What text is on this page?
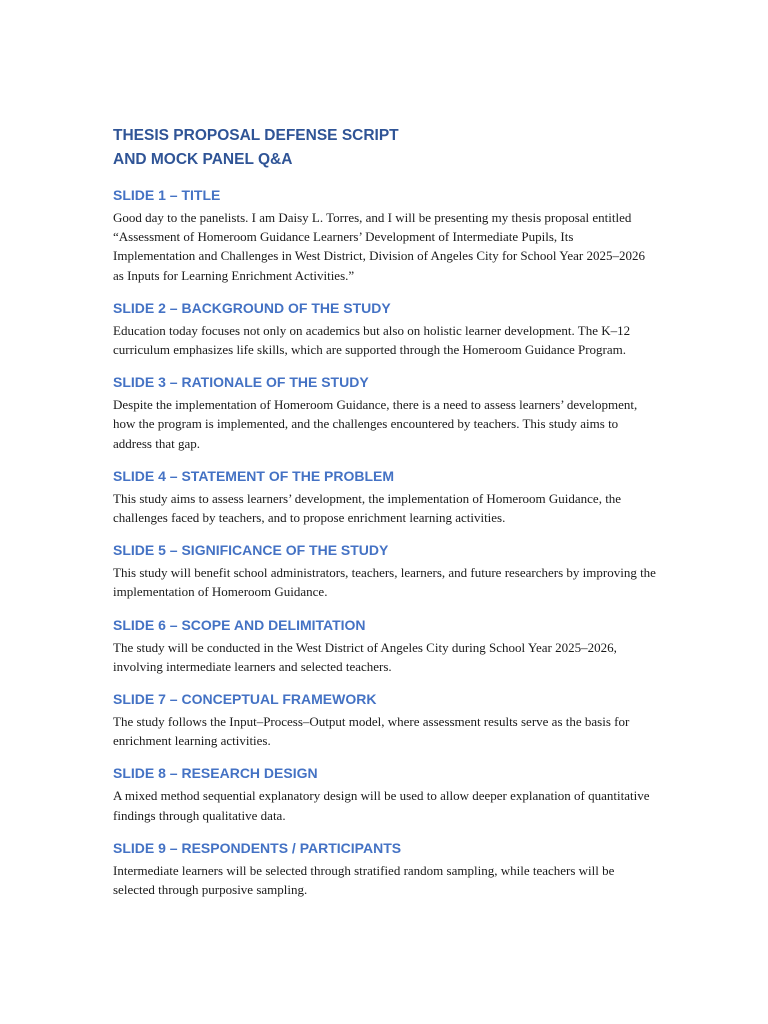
THESIS PROPOSAL DEFENSE SCRIPT
AND MOCK PANEL Q&A
SLIDE 1 – TITLE

Good day to the panelists. I am Daisy L. Torres, and I will be presenting my thesis proposal entitled “Assessment of Homeroom Guidance Learners’ Development of Intermediate Pupils, Its Implementation and Challenges in West District, Division of Angeles City for School Year 2025–2026 as Inputs for Learning Enrichment Activities.”

SLIDE 2 – BACKGROUND OF THE STUDY

Education today focuses not only on academics but also on holistic learner development. The K–12 curriculum emphasizes life skills, which are supported through the Homeroom Guidance Program.

SLIDE 3 – RATIONALE OF THE STUDY

Despite the implementation of Homeroom Guidance, there is a need to assess learners’ development, how the program is implemented, and the challenges encountered by teachers. This study aims to address that gap.

SLIDE 4 – STATEMENT OF THE PROBLEM

This study aims to assess learners’ development, the implementation of Homeroom Guidance, the challenges faced by teachers, and to propose enrichment learning activities.

SLIDE 5 – SIGNIFICANCE OF THE STUDY

This study will benefit school administrators, teachers, learners, and future researchers by improving the implementation of Homeroom Guidance.

SLIDE 6 – SCOPE AND DELIMITATION

The study will be conducted in the West District of Angeles City during School Year 2025–2026, involving intermediate learners and selected teachers.

SLIDE 7 – CONCEPTUAL FRAMEWORK

The study follows the Input–Process–Output model, where assessment results serve as the basis for enrichment learning activities.

SLIDE 8 – RESEARCH DESIGN

A mixed method sequential explanatory design will be used to allow deeper explanation of quantitative findings through qualitative data.

SLIDE 9 – RESPONDENTS / PARTICIPANTS

Intermediate learners will be selected through stratified random sampling, while teachers will be selected through purposive sampling.
